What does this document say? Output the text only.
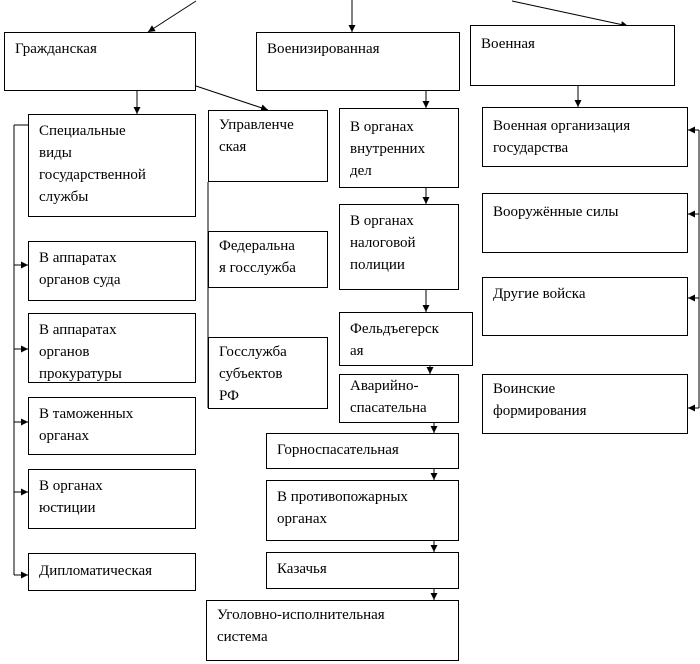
Гражданская	Военизированная	Военная
Специальные
виды
государственной
службы
В аппаратах
органов суда
В аппаратах
органов
прокуратуры
В таможенных
органах
В органах
юстиции
Дипломатическая
Управленче
ская
Федеральна
я госслужба
Госслужба
субъектов
РФ
В органах
внутренних
дел
В органах
налоговой
полиции
Фельдъегерск
ая
Аварийно-
спасательна
Горноспасательная
В противопожарных
органах
Казачья
Уголовно-исполнительная
система
Военная организация
государства
Вооружённые силы
Другие войска
Воинские
формирования
